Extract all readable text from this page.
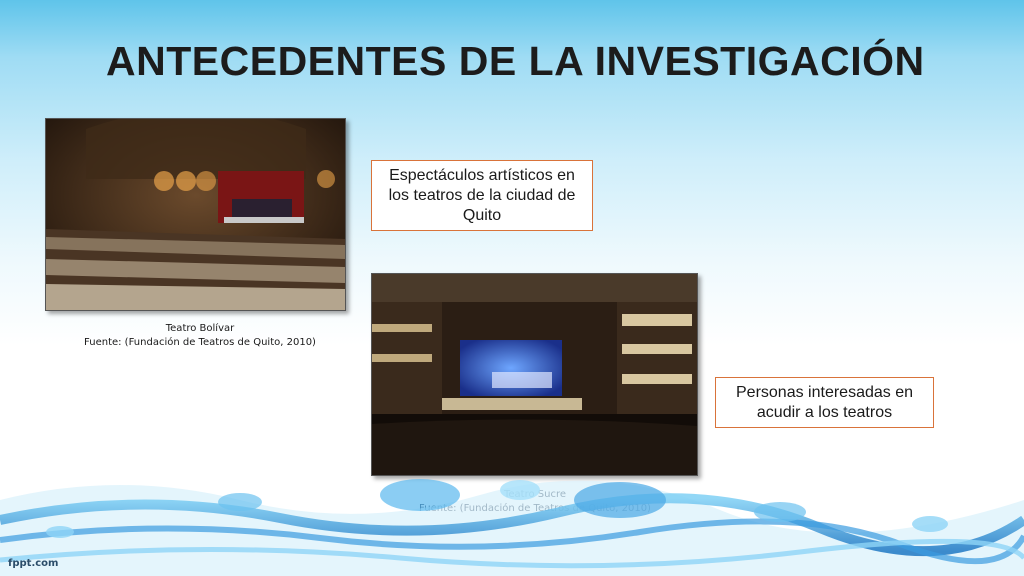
ANTECEDENTES DE LA INVESTIGACIÓN
Teatro Bolívar
Fuente: (Fundación de Teatros de Quito, 2010)
Espectáculos artísticos en los teatros de la ciudad de Quito
Personas interesadas en acudir a los teatros
fppt.com
